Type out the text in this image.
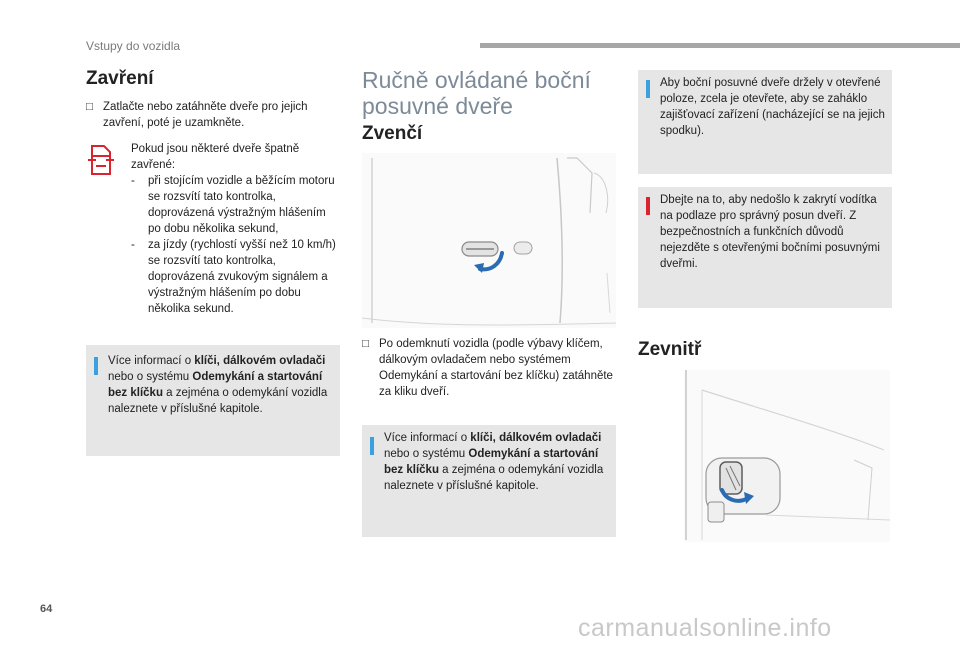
Vstupy do vozidla
Zavření
□ Zatlačte nebo zatáhněte dveře pro jejich zavření, poté je uzamkněte.
Pokud jsou některé dveře špatně zavřené:
- při stojícím vozidle a běžícím motoru se rozsvítí tato kontrolka, doprovázená výstražným hlášením po dobu několika sekund,
- za jízdy (rychlostí vyšší než 10 km/h) se rozsvítí tato kontrolka, doprovázená zvukovým signálem a výstražným hlášením po dobu několika sekund.
Více informací o klíči, dálkovém ovladači nebo o systému Odemykání a startování bez klíčku a zejména o odemykání vozidla naleznete v příslušné kapitole.
Ručně ovládané boční
posuvné dveře
Zvenčí
□ Po odemknutí vozidla (podle výbavy klíčem, dálkovým ovladačem nebo systémem Odemykání a startování bez klíčku) zatáhněte za kliku dveří.
Více informací o klíči, dálkovém ovladači nebo o systému Odemykání a startování bez klíčku a zejména o odemykání vozidla naleznete v příslušné kapitole.
Aby boční posuvné dveře držely v otevřené poloze, zcela je otevřete, aby se zaháklo zajišťovací zařízení (nacházející se na jejich spodku).
Dbejte na to, aby nedošlo k zakrytí vodítka na podlaze pro správný posun dveří. Z bezpečnostních a funkčních důvodů nejezděte s otevřenými bočními posuvnými dveřmi.
Zevnitř
64
carmanualsonline.info
